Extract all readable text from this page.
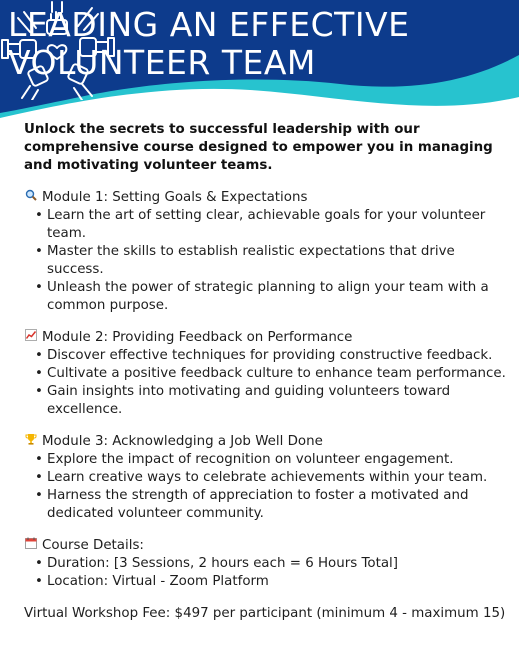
LEADING AN EFFECTIVE
VOLUNTEER TEAM

Unlock the secrets to successful leadership with our comprehensive course designed to empower you in managing and motivating volunteer teams.

Module 1: Setting Goals & Expectations

• Learn the art of setting clear, achievable goals for your volunteer team.
• Master the skills to establish realistic expectations that drive success.
• Unleash the power of strategic planning to align your team with a common purpose.

Module 2: Providing Feedback on Performance

• Discover effective techniques for providing constructive feedback.
• Cultivate a positive feedback culture to enhance team performance.
• Gain insights into motivating and guiding volunteers toward excellence.

Module 3: Acknowledging a Job Well Done

• Explore the impact of recognition on volunteer engagement.
• Learn creative ways to celebrate achievements within your team.
• Harness the strength of appreciation to foster a motivated and dedicated volunteer community.

Course Details:

• Duration: [3 Sessions, 2 hours each = 6 Hours Total]
• Location: Virtual - Zoom Platform

Virtual Workshop Fee: $497 per participant (minimum 4 - maximum 15)
